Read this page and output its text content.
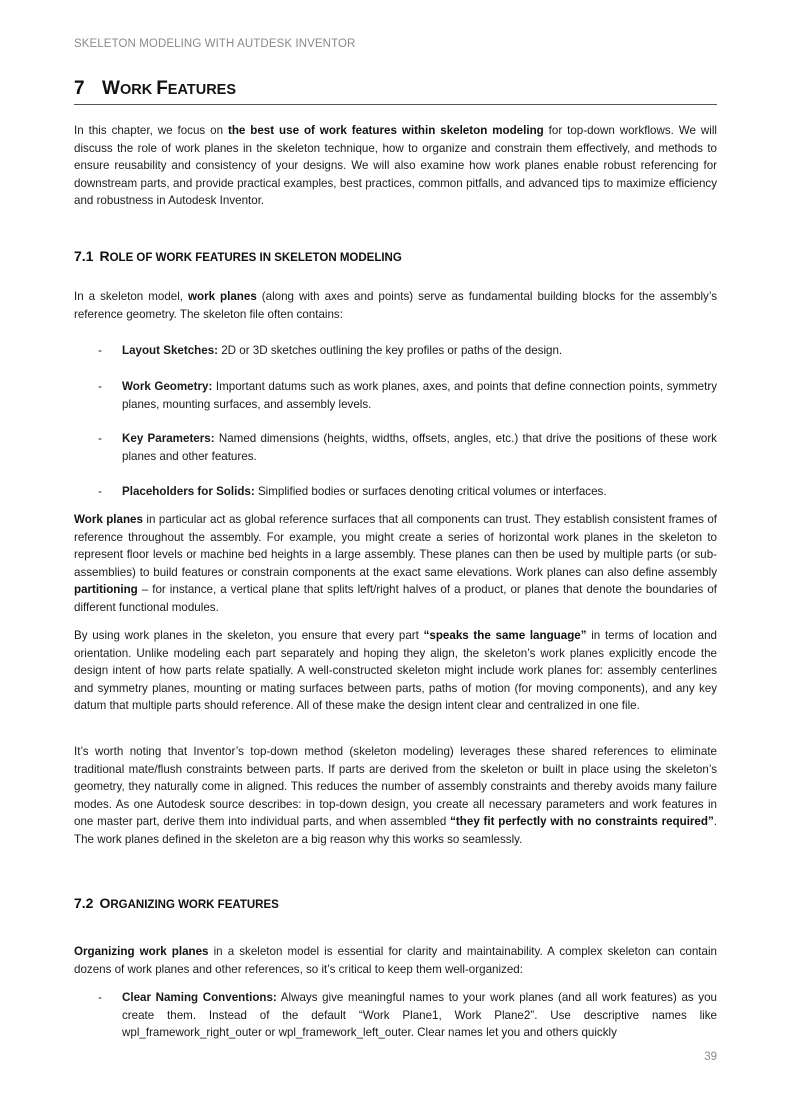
SKELETON MODELING WITH AUTDESK INVENTOR
7 WORK FEATURES

In this chapter, we focus on the best use of work features within skeleton modeling for top-down workflows. We will discuss the role of work planes in the skeleton technique, how to organize and constrain them effectively, and methods to ensure reusability and consistency of your designs. We will also examine how work planes enable robust referencing for downstream parts, and provide practical examples, best practices, common pitfalls, and advanced tips to maximize efficiency and robustness in Autodesk Inventor.

7.1 ROLE OF WORK FEATURES IN SKELETON MODELING

In a skeleton model, work planes (along with axes and points) serve as fundamental building blocks for the assembly’s reference geometry. The skeleton file often contains:

- Layout Sketches: 2D or 3D sketches outlining the key profiles or paths of the design.
- Work Geometry: Important datums such as work planes, axes, and points that define connection points, symmetry planes, mounting surfaces, and assembly levels.
- Key Parameters: Named dimensions (heights, widths, offsets, angles, etc.) that drive the positions of these work planes and other features.
- Placeholders for Solids: Simplified bodies or surfaces denoting critical volumes or interfaces.

Work planes in particular act as global reference surfaces that all components can trust. They establish consistent frames of reference throughout the assembly. For example, you might create a series of horizontal work planes in the skeleton to represent floor levels or machine bed heights in a large assembly. These planes can then be used by multiple parts (or sub-assemblies) to build features or constrain components at the exact same elevations. Work planes can also define assembly partitioning – for instance, a vertical plane that splits left/right halves of a product, or planes that denote the boundaries of different functional modules.

By using work planes in the skeleton, you ensure that every part “speaks the same language” in terms of location and orientation. Unlike modeling each part separately and hoping they align, the skeleton’s work planes explicitly encode the design intent of how parts relate spatially. A well-constructed skeleton might include work planes for: assembly centerlines and symmetry planes, mounting or mating surfaces between parts, paths of motion (for moving components), and any key datum that multiple parts should reference. All of these make the design intent clear and centralized in one file.

It’s worth noting that Inventor’s top-down method (skeleton modeling) leverages these shared references to eliminate traditional mate/flush constraints between parts. If parts are derived from the skeleton or built in place using the skeleton’s geometry, they naturally come in aligned. This reduces the number of assembly constraints and thereby avoids many failure modes. As one Autodesk source describes: in top-down design, you create all necessary parameters and work features in one master part, derive them into individual parts, and when assembled “they fit perfectly with no constraints required”. The work planes defined in the skeleton are a big reason why this works so seamlessly.

7.2 ORGANIZING WORK FEATURES

Organizing work planes in a skeleton model is essential for clarity and maintainability. A complex skeleton can contain dozens of work planes and other references, so it’s critical to keep them well-organized:

- Clear Naming Conventions: Always give meaningful names to your work planes (and all work features) as you create them. Instead of the default “Work Plane1, Work Plane2”. Use descriptive names like wpl_framework_right_outer or wpl_framework_left_outer. Clear names let you and others quickly
39
